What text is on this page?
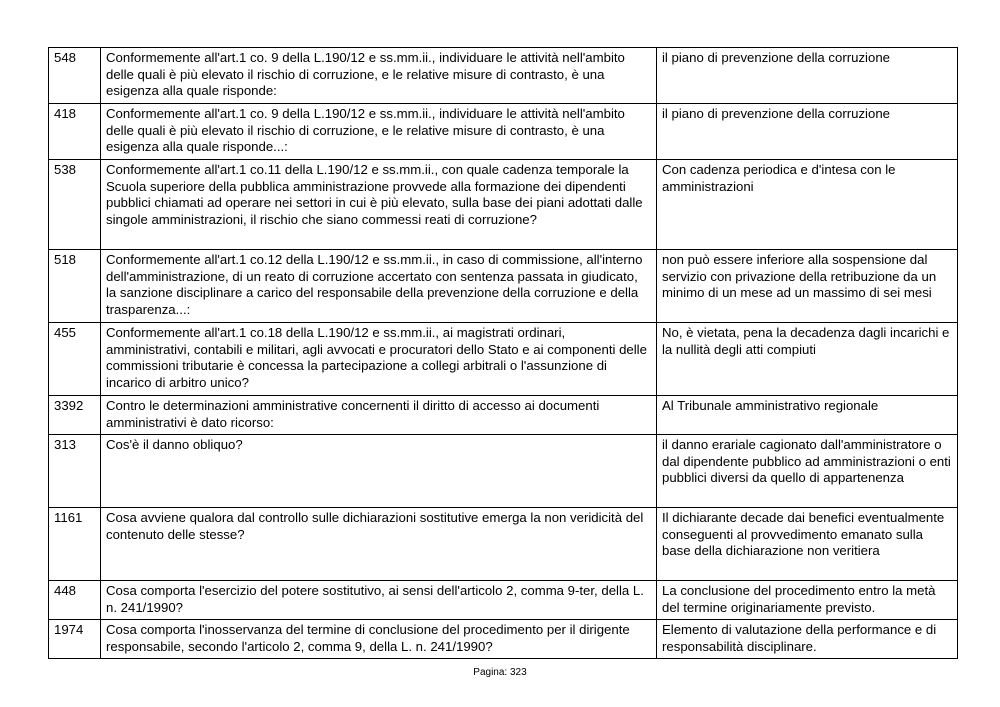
548	Conformemente all'art.1 co. 9 della L.190/12 e ss.mm.ii., individuare le attività nell'ambito delle quali è più elevato il rischio di corruzione, e le relative misure di contrasto, è una esigenza alla quale risponde:	il piano di prevenzione della corruzione
418	Conformemente all'art.1 co. 9 della L.190/12 e ss.mm.ii., individuare le attività nell'ambito delle quali è più elevato il rischio di corruzione, e le relative misure di contrasto, è una esigenza alla quale risponde...:	il piano di prevenzione della corruzione
538	Conformemente all'art.1 co.11 della L.190/12 e ss.mm.ii., con quale cadenza temporale la Scuola superiore della pubblica amministrazione provvede alla formazione dei dipendenti pubblici chiamati ad operare nei settori in cui è più elevato, sulla base dei piani adottati dalle singole amministrazioni, il rischio che siano commessi reati di corruzione?	Con cadenza periodica e d'intesa con le amministrazioni
518	Conformemente all'art.1 co.12 della L.190/12 e ss.mm.ii., in caso di commissione, all'interno dell'amministrazione, di un reato di corruzione accertato con sentenza passata in giudicato, la sanzione disciplinare a carico del responsabile della prevenzione della corruzione e della trasparenza...:	non può essere inferiore alla sospensione dal servizio con privazione della retribuzione da un minimo di un mese ad un massimo di sei mesi
455	Conformemente all'art.1 co.18 della L.190/12 e ss.mm.ii., ai magistrati ordinari, amministrativi, contabili e militari, agli avvocati e procuratori dello Stato e ai componenti delle commissioni tributarie è concessa la partecipazione a collegi arbitrali o l'assunzione di incarico di arbitro unico?	No, è vietata, pena la decadenza dagli incarichi e la nullità degli atti compiuti
3392	Contro le determinazioni amministrative concernenti il diritto di accesso ai documenti amministrativi è dato ricorso:	Al Tribunale amministrativo regionale
313	Cos'è il danno obliquo?	il danno erariale cagionato dall'amministratore o dal dipendente pubblico ad amministrazioni o enti pubblici diversi da quello di appartenenza
1161	Cosa avviene qualora dal controllo sulle dichiarazioni sostitutive emerga la non veridicità del contenuto delle stesse?	Il dichiarante decade dai benefici eventualmente conseguenti al provvedimento emanato sulla base della dichiarazione non veritiera
448	Cosa comporta l'esercizio del potere sostitutivo, ai sensi dell'articolo 2, comma 9-ter, della L. n. 241/1990?	La conclusione del procedimento entro la metà del termine originariamente previsto.
1974	Cosa comporta l'inosservanza del termine di conclusione del procedimento per il dirigente responsabile, secondo l'articolo 2, comma 9, della L. n. 241/1990?	Elemento di valutazione della performance e di responsabilità disciplinare.
Pagina: 323
